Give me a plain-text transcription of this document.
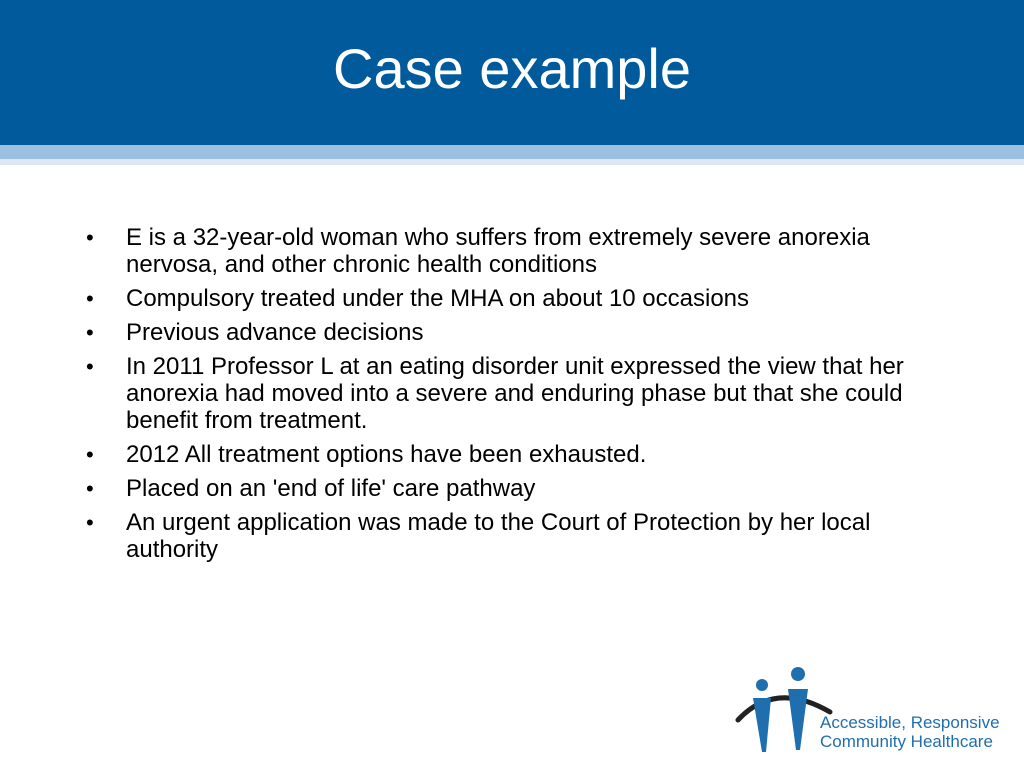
Case example
• E is a 32-year-old woman who suffers from extremely severe anorexia nervosa, and other chronic health conditions
• Compulsory treated under the MHA on about 10 occasions
• Previous advance decisions
• In 2011 Professor L at an eating disorder unit expressed the view that her anorexia had moved into a severe and enduring phase but that she could benefit from treatment.
• 2012 All treatment options have been exhausted.
• Placed on an 'end of life' care pathway
• An urgent application was made to the Court of Protection by her local authority
Accessible, Responsive
Community Healthcare
